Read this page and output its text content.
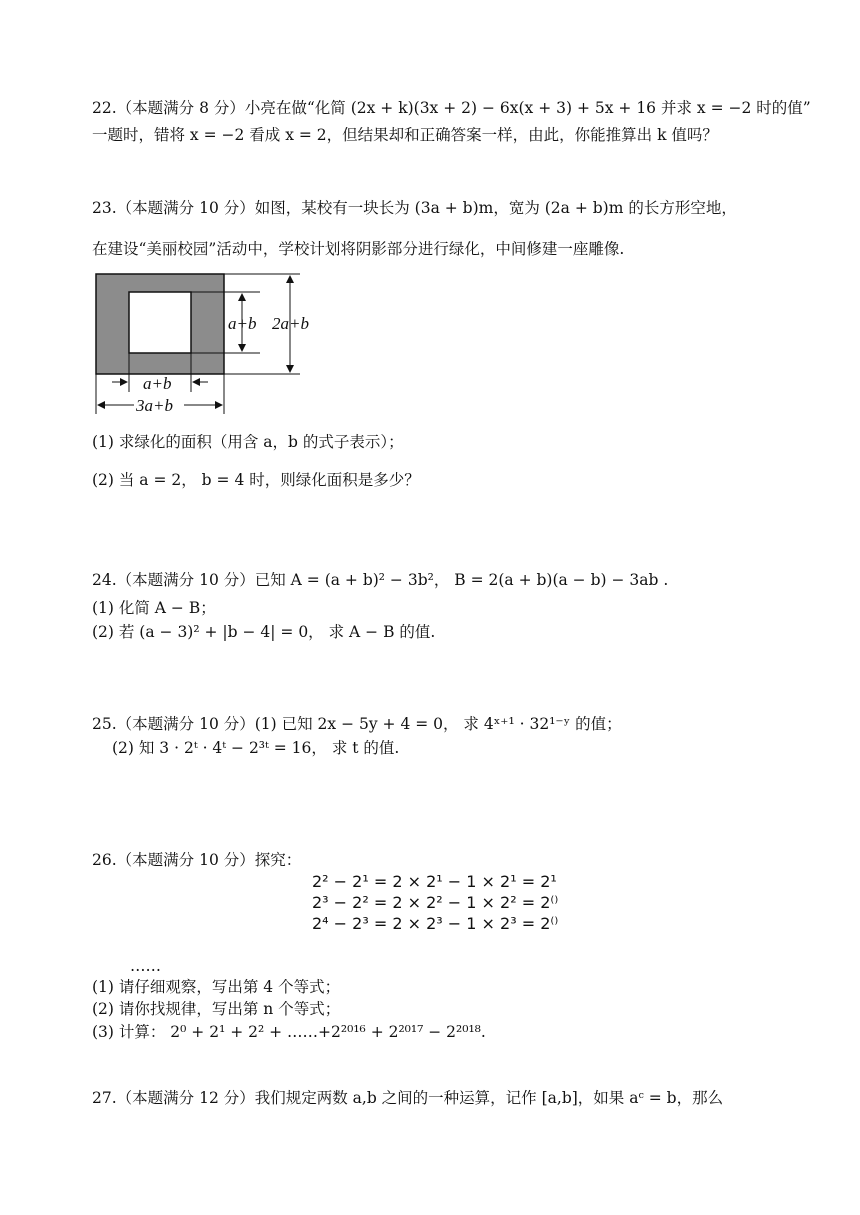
22.（本题满分 8 分）小亮在做“化简 (2x + k)(3x + 2) − 6x(x + 3) + 5x + 16 并求 x = −2 时的值”
一题时，错将 x = −2 看成 x = 2，但结果却和正确答案一样，由此，你能推算出 k 值吗？
23.（本题满分 10 分）如图，某校有一块长为 (3a + b)m，宽为 (2a + b)m 的长方形空地，
在建设“美丽校园”活动中，学校计划将阴影部分进行绿化，中间修建一座雕像.
a+b 2a+b
a+b
3a+b
(1) 求绿化的面积（用含 a，b 的式子表示）；
(2) 当 a = 2， b = 4 时，则绿化面积是多少？
24.（本题满分 10 分）已知 A = (a + b)² − 3b²， B = 2(a + b)(a − b) − 3ab .
(1) 化简 A − B；
(2) 若 (a − 3)² + |b − 4| = 0， 求 A − B 的值.
25.（本题满分 10 分）(1) 已知 2x − 5y + 4 = 0， 求 4ˣ⁺¹ · 32¹⁻ʸ 的值；
(2) 知 3 · 2ᵗ · 4ᵗ − 2³ᵗ = 16， 求 t 的值.
26.（本题满分 10 分）探究：
2² − 2¹ = 2 × 2¹ − 1 × 2¹ = 2¹
2³ − 2² = 2 × 2² − 1 × 2² = 2⁽⁾
2⁴ − 2³ = 2 × 2³ − 1 × 2³ = 2⁽⁾
……
(1) 请仔细观察，写出第 4 个等式；
(2) 请你找规律，写出第 n 个等式；
(3) 计算： 2⁰ + 2¹ + 2² + ……+2²⁰¹⁶ + 2²⁰¹⁷ − 2²⁰¹⁸.
27.（本题满分 12 分）我们规定两数 a,b 之间的一种运算，记作 [a,b]，如果 aᶜ = b，那么
